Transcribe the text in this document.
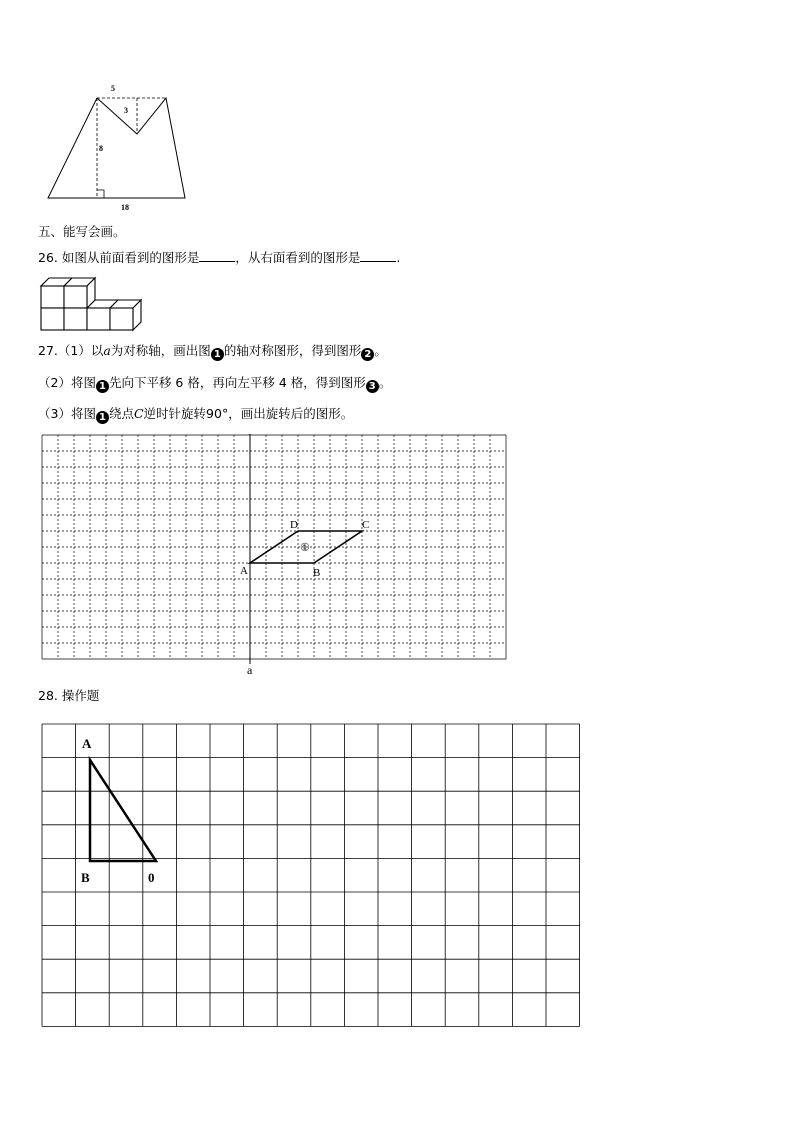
5
3
8
18
五、能写会画。
26. 如图从前面看到的图形是	，从右面看到的图形是	.
27.（1）以a为对称轴，画出图 1 的轴对称图形，得到图形 2 。
（2）将图 1 先向下平移 6 格，再向左平移 4 格，得到图形 3 。
（3）将图 1 绕点C逆时针旋转90°，画出旋转后的图形。
A	B
C
D
①
a
28. 操作题
A
B	0
